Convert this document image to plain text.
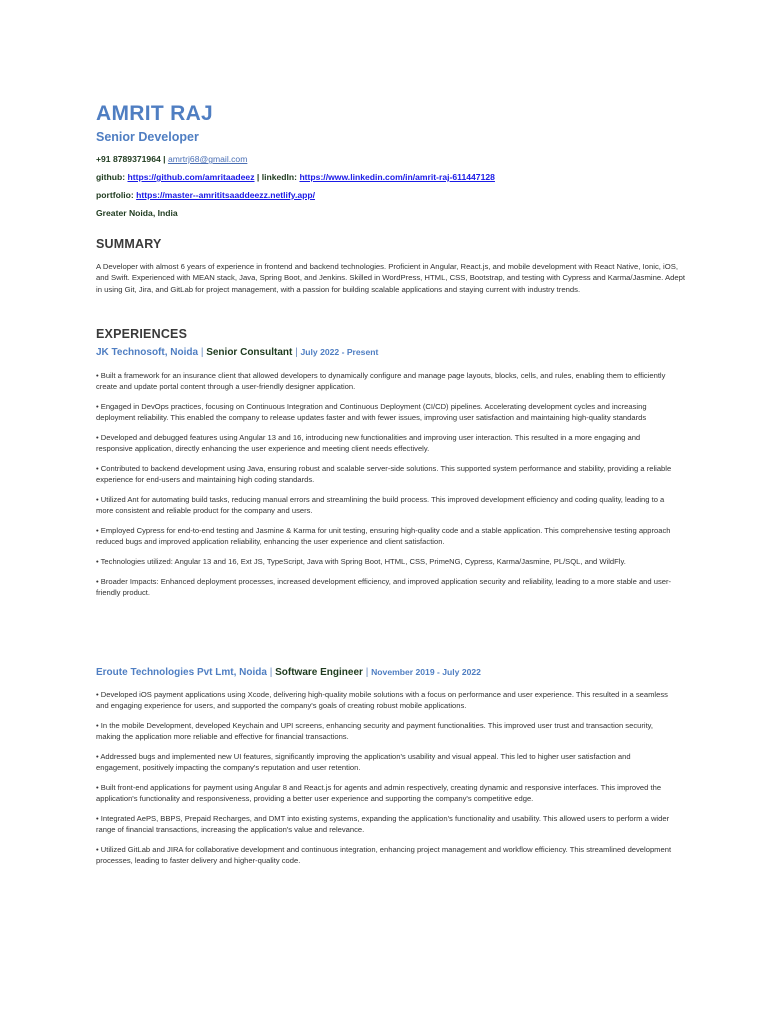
AMRIT RAJ
Senior Developer
+91 8789371964 | amrtrj68@gmail.com
github: https://github.com/amritaadeez | linkedIn: https://www.linkedin.com/in/amrit-raj-611447128
portfolio: https://master--amrititsaaddeezz.netlify.app/
Greater Noida, India
SUMMARY
A Developer with almost 6 years of experience in frontend and backend technologies. Proficient in Angular, React.js, and mobile development with React Native, Ionic, iOS, and Swift. Experienced with MEAN stack, Java, Spring Boot, and Jenkins. Skilled in WordPress, HTML, CSS, Bootstrap, and testing with Cypress and Karma/Jasmine. Adept in using Git, Jira, and GitLab for project management, with a passion for building scalable applications and staying current with industry trends.
EXPERIENCES
JK Technosoft, Noida | Senior Consultant | July 2022 - Present

• Built a framework for an insurance client that allowed developers to dynamically configure and manage page layouts, blocks, cells, and rules, enabling them to efficiently create and update portal content through a user-friendly designer application.

• Engaged in DevOps practices, focusing on Continuous Integration and Continuous Deployment (CI/CD) pipelines. Accelerating development cycles and increasing deployment reliability. This enabled the company to release updates faster and with fewer issues, improving user satisfaction and maintaining high-quality standards

• Developed and debugged features using Angular 13 and 16, introducing new functionalities and improving user interaction. This resulted in a more engaging and responsive application, directly enhancing the user experience and meeting client needs effectively.

• Contributed to backend development using Java, ensuring robust and scalable server-side solutions. This supported system performance and stability, providing a reliable experience for end-users and maintaining high coding standards.

• Utilized Ant for automating build tasks, reducing manual errors and streamlining the build process. This improved development efficiency and coding quality, leading to a more consistent and reliable product for the company and users.

• Employed Cypress for end-to-end testing and Jasmine & Karma for unit testing, ensuring high-quality code and a stable application. This comprehensive testing approach reduced bugs and improved application reliability, enhancing the user experience and client satisfaction.

• Technologies utilized: Angular 13 and 16, Ext JS, TypeScript, Java with Spring Boot, HTML, CSS, PrimeNG, Cypress, Karma/Jasmine, PL/SQL, and WildFly.

• Broader Impacts: Enhanced deployment processes, increased development efficiency, and improved application security and reliability, leading to a more stable and user-friendly product.

Eroute Technologies Pvt Lmt, Noida | Software Engineer | November 2019 - July 2022

• Developed iOS payment applications using Xcode, delivering high-quality mobile solutions with a focus on performance and user experience. This resulted in a seamless and engaging experience for users, and supported the company's goals of creating robust mobile applications.

• In the mobile Development, developed Keychain and UPI screens, enhancing security and payment functionalities. This improved user trust and transaction security, making the application more reliable and effective for financial transactions.

• Addressed bugs and implemented new UI features, significantly improving the application's usability and visual appeal. This led to higher user satisfaction and engagement, positively impacting the company's reputation and user retention.

• Built front-end applications for payment using Angular 8 and React.js for agents and admin respectively, creating dynamic and responsive interfaces. This improved the application's functionality and responsiveness, providing a better user experience and supporting the company's competitive edge.

• Integrated AePS, BBPS, Prepaid Recharges, and DMT into existing systems, expanding the application's functionality and usability. This allowed users to perform a wider range of financial transactions, increasing the application's value and relevance.

• Utilized GitLab and JIRA for collaborative development and continuous integration, enhancing project management and workflow efficiency. This streamlined development processes, leading to faster delivery and higher-quality code.
